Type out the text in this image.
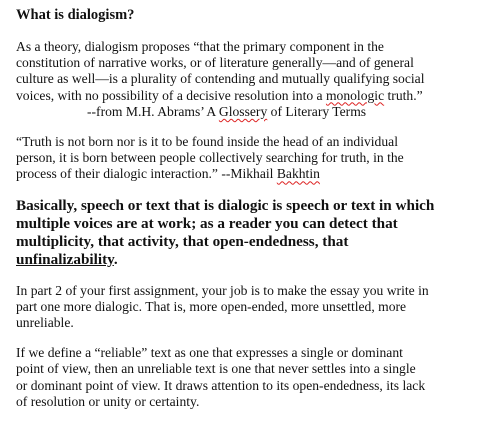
What is dialogism?
As a theory, dialogism proposes “that the primary component in the
constitution of narrative works, or of literature generally—and of general
culture as well—is a plurality of contending and mutually qualifying social
voices, with no possibility of a decisive resolution into a monologic truth.”
--from M.H. Abrams’ A Glossery of Literary Terms
“Truth is not born nor is it to be found inside the head of an individual
person, it is born between people collectively searching for truth, in the
process of their dialogic interaction.” --Mikhail Bakhtin
Basically, speech or text that is dialogic is speech or text in which
multiple voices are at work; as a reader you can detect that
multiplicity, that activity, that open-endedness, that
unfinalizability.
In part 2 of your first assignment, your job is to make the essay you write in
part one more dialogic. That is, more open-ended, more unsettled, more
unreliable.
If we define a “reliable” text as one that expresses a single or dominant
point of view, then an unreliable text is one that never settles into a single
or dominant point of view. It draws attention to its open-endedness, its lack
of resolution or unity or certainty.
